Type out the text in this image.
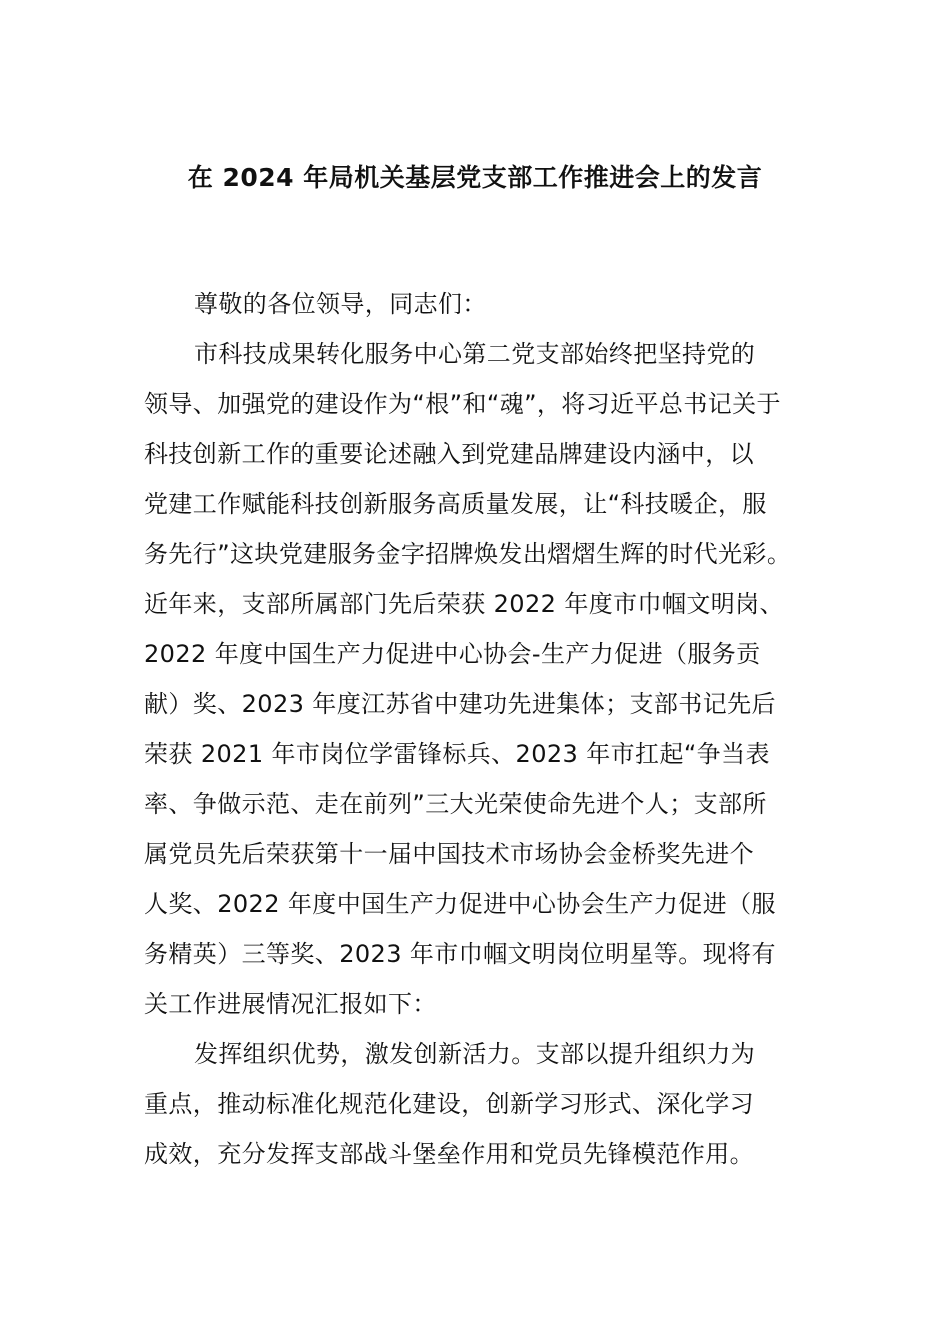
在 2024 年局机关基层党支部工作推进会上的发言
尊敬的各位领导，同志们：
市科技成果转化服务中心第二党支部始终把坚持党的
领导、加强党的建设作为“根”和“魂”，将习近平总书记关于
科技创新工作的重要论述融入到党建品牌建设内涵中，以
党建工作赋能科技创新服务高质量发展，让“科技暖企，服
务先行”这块党建服务金字招牌焕发出熠熠生辉的时代光彩。
近年来，支部所属部门先后荣获 2022 年度市巾帼文明岗、
2022 年度中国生产力促进中心协会-生产力促进（服务贡
献）奖、2023 年度江苏省中建功先进集体；支部书记先后
荣获 2021 年市岗位学雷锋标兵、2023 年市扛起“争当表
率、争做示范、走在前列”三大光荣使命先进个人；支部所
属党员先后荣获第十一届中国技术市场协会金桥奖先进个
人奖、2022 年度中国生产力促进中心协会生产力促进（服
务精英）三等奖、2023 年市巾帼文明岗位明星等。现将有
关工作进展情况汇报如下：
发挥组织优势，激发创新活力。支部以提升组织力为
重点，推动标准化规范化建设，创新学习形式、深化学习
成效，充分发挥支部战斗堡垒作用和党员先锋模范作用。
